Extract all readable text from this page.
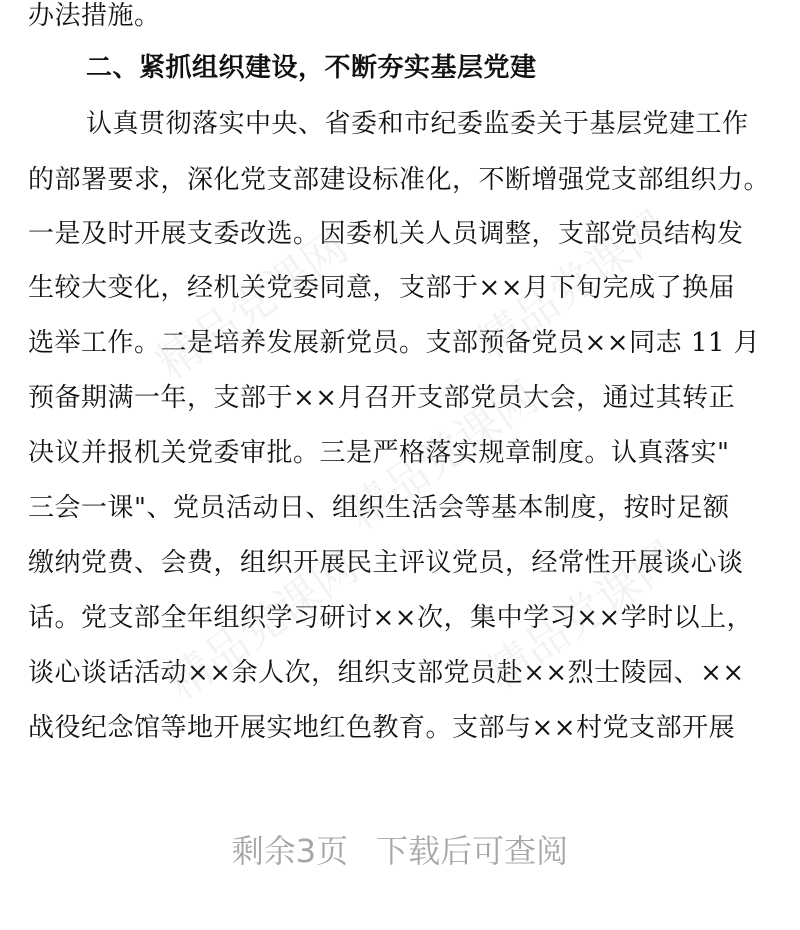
办法措施。
二、紧抓组织建设，不断夯实基层党建
认真贯彻落实中央、省委和市纪委监委关于基层党建工作
的部署要求，深化党支部建设标准化，不断增强党支部组织力。
一是及时开展支委改选。因委机关人员调整，支部党员结构发
生较大变化，经机关党委同意，支部于××月下旬完成了换届
选举工作。二是培养发展新党员。支部预备党员××同志 11 月
预备期满一年，支部于××月召开支部党员大会，通过其转正
决议并报机关党委审批。三是严格落实规章制度。认真落实"
三会一课"、党员活动日、组织生活会等基本制度，按时足额
缴纳党费、会费，组织开展民主评议党员，经常性开展谈心谈
话。党支部全年组织学习研讨××次，集中学习××学时以上，
谈心谈话活动××余人次，组织支部党员赴××烈士陵园、××
战役纪念馆等地开展实地红色教育。支部与××村党支部开展
精品党课网	精品党课网
精品党课网
精品党课网	精品党课网
剩余3页 下载后可查阅
